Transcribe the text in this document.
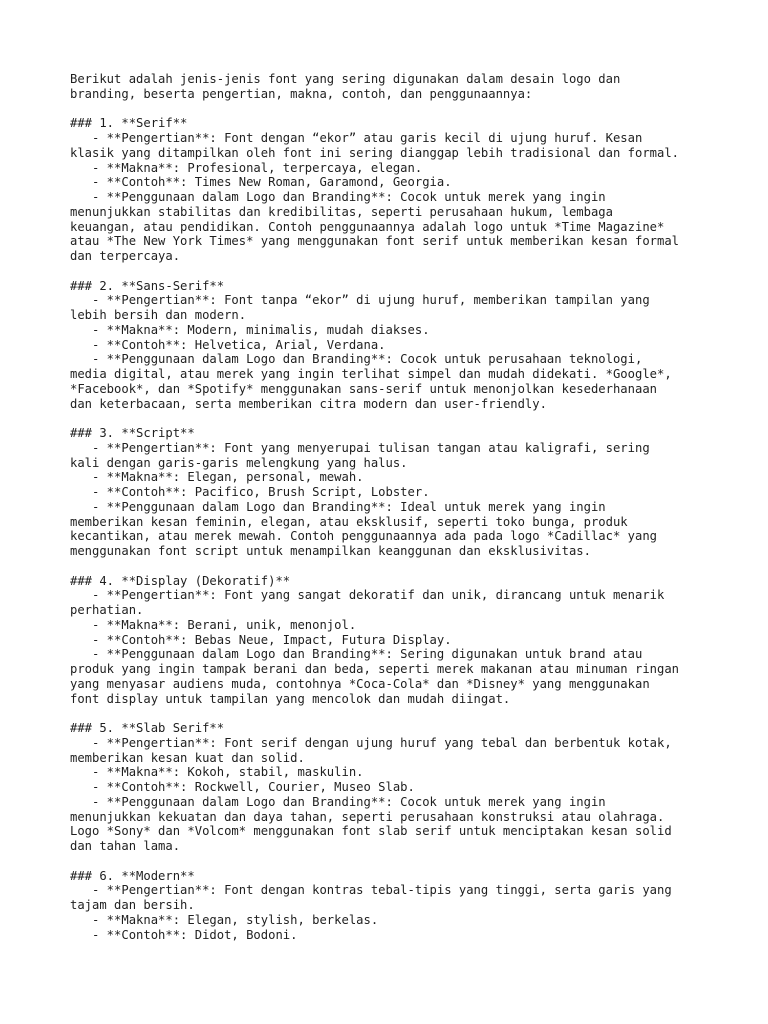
Berikut adalah jenis-jenis font yang sering digunakan dalam desain logo dan
branding, beserta pengertian, makna, contoh, dan penggunaannya:
### 1. **Serif**
- **Pengertian**: Font dengan “ekor” atau garis kecil di ujung huruf. Kesan
klasik yang ditampilkan oleh font ini sering dianggap lebih tradisional dan formal.
- **Makna**: Profesional, terpercaya, elegan.
- **Contoh**: Times New Roman, Garamond, Georgia.
- **Penggunaan dalam Logo dan Branding**: Cocok untuk merek yang ingin
menunjukkan stabilitas dan kredibilitas, seperti perusahaan hukum, lembaga
keuangan, atau pendidikan. Contoh penggunaannya adalah logo untuk *Time Magazine*
atau *The New York Times* yang menggunakan font serif untuk memberikan kesan formal
dan terpercaya.
### 2. **Sans-Serif**
- **Pengertian**: Font tanpa “ekor” di ujung huruf, memberikan tampilan yang
lebih bersih dan modern.
- **Makna**: Modern, minimalis, mudah diakses.
- **Contoh**: Helvetica, Arial, Verdana.
- **Penggunaan dalam Logo dan Branding**: Cocok untuk perusahaan teknologi,
media digital, atau merek yang ingin terlihat simpel dan mudah didekati. *Google*,
*Facebook*, dan *Spotify* menggunakan sans-serif untuk menonjolkan kesederhanaan
dan keterbacaan, serta memberikan citra modern dan user-friendly.
### 3. **Script**
- **Pengertian**: Font yang menyerupai tulisan tangan atau kaligrafi, sering
kali dengan garis-garis melengkung yang halus.
- **Makna**: Elegan, personal, mewah.
- **Contoh**: Pacifico, Brush Script, Lobster.
- **Penggunaan dalam Logo dan Branding**: Ideal untuk merek yang ingin
memberikan kesan feminin, elegan, atau eksklusif, seperti toko bunga, produk
kecantikan, atau merek mewah. Contoh penggunaannya ada pada logo *Cadillac* yang
menggunakan font script untuk menampilkan keanggunan dan eksklusivitas.
### 4. **Display (Dekoratif)**
- **Pengertian**: Font yang sangat dekoratif dan unik, dirancang untuk menarik
perhatian.
- **Makna**: Berani, unik, menonjol.
- **Contoh**: Bebas Neue, Impact, Futura Display.
- **Penggunaan dalam Logo dan Branding**: Sering digunakan untuk brand atau
produk yang ingin tampak berani dan beda, seperti merek makanan atau minuman ringan
yang menyasar audiens muda, contohnya *Coca-Cola* dan *Disney* yang menggunakan
font display untuk tampilan yang mencolok dan mudah diingat.
### 5. **Slab Serif**
- **Pengertian**: Font serif dengan ujung huruf yang tebal dan berbentuk kotak,
memberikan kesan kuat dan solid.
- **Makna**: Kokoh, stabil, maskulin.
- **Contoh**: Rockwell, Courier, Museo Slab.
- **Penggunaan dalam Logo dan Branding**: Cocok untuk merek yang ingin
menunjukkan kekuatan dan daya tahan, seperti perusahaan konstruksi atau olahraga.
Logo *Sony* dan *Volcom* menggunakan font slab serif untuk menciptakan kesan solid
dan tahan lama.
### 6. **Modern**
- **Pengertian**: Font dengan kontras tebal-tipis yang tinggi, serta garis yang
tajam dan bersih.
- **Makna**: Elegan, stylish, berkelas.
- **Contoh**: Didot, Bodoni.
